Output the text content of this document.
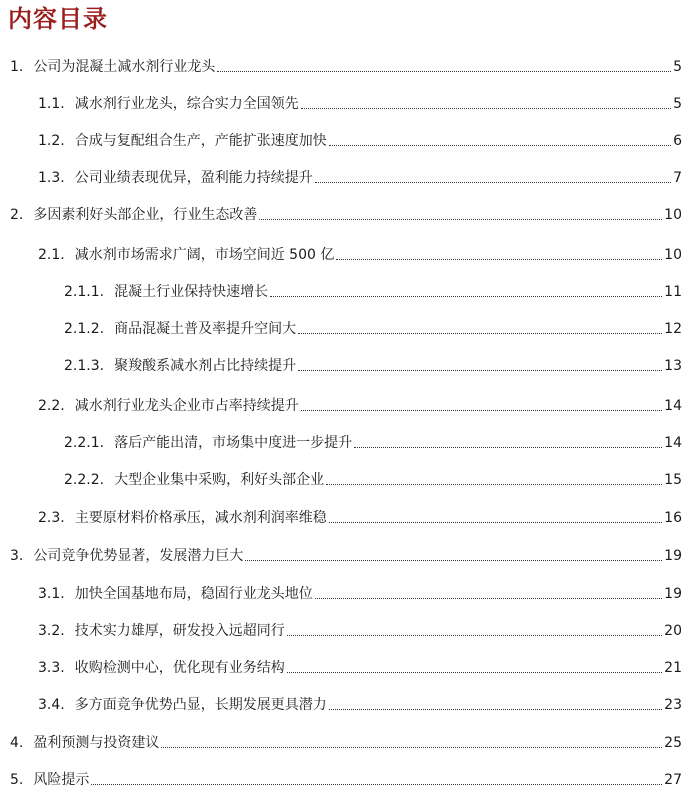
内容目录
1. 公司为混凝土减水剂行业龙头	5
1.1. 减水剂行业龙头，综合实力全国领先	5
1.2. 合成与复配组合生产，产能扩张速度加快	6
1.3. 公司业绩表现优异，盈利能力持续提升	7
2. 多因素利好头部企业，行业生态改善	10
2.1. 减水剂市场需求广阔，市场空间近 500 亿	10
2.1.1. 混凝土行业保持快速增长	11
2.1.2. 商品混凝土普及率提升空间大	12
2.1.3. 聚羧酸系减水剂占比持续提升	13
2.2. 减水剂行业龙头企业市占率持续提升	14
2.2.1. 落后产能出清，市场集中度进一步提升	14
2.2.2. 大型企业集中采购，利好头部企业	15
2.3. 主要原材料价格承压，减水剂利润率维稳	16
3. 公司竞争优势显著，发展潜力巨大	19
3.1. 加快全国基地布局，稳固行业龙头地位	19
3.2. 技术实力雄厚，研发投入远超同行	20
3.3. 收购检测中心，优化现有业务结构	21
3.4. 多方面竞争优势凸显，长期发展更具潜力	23
4. 盈利预测与投资建议	25
5. 风险提示	27
